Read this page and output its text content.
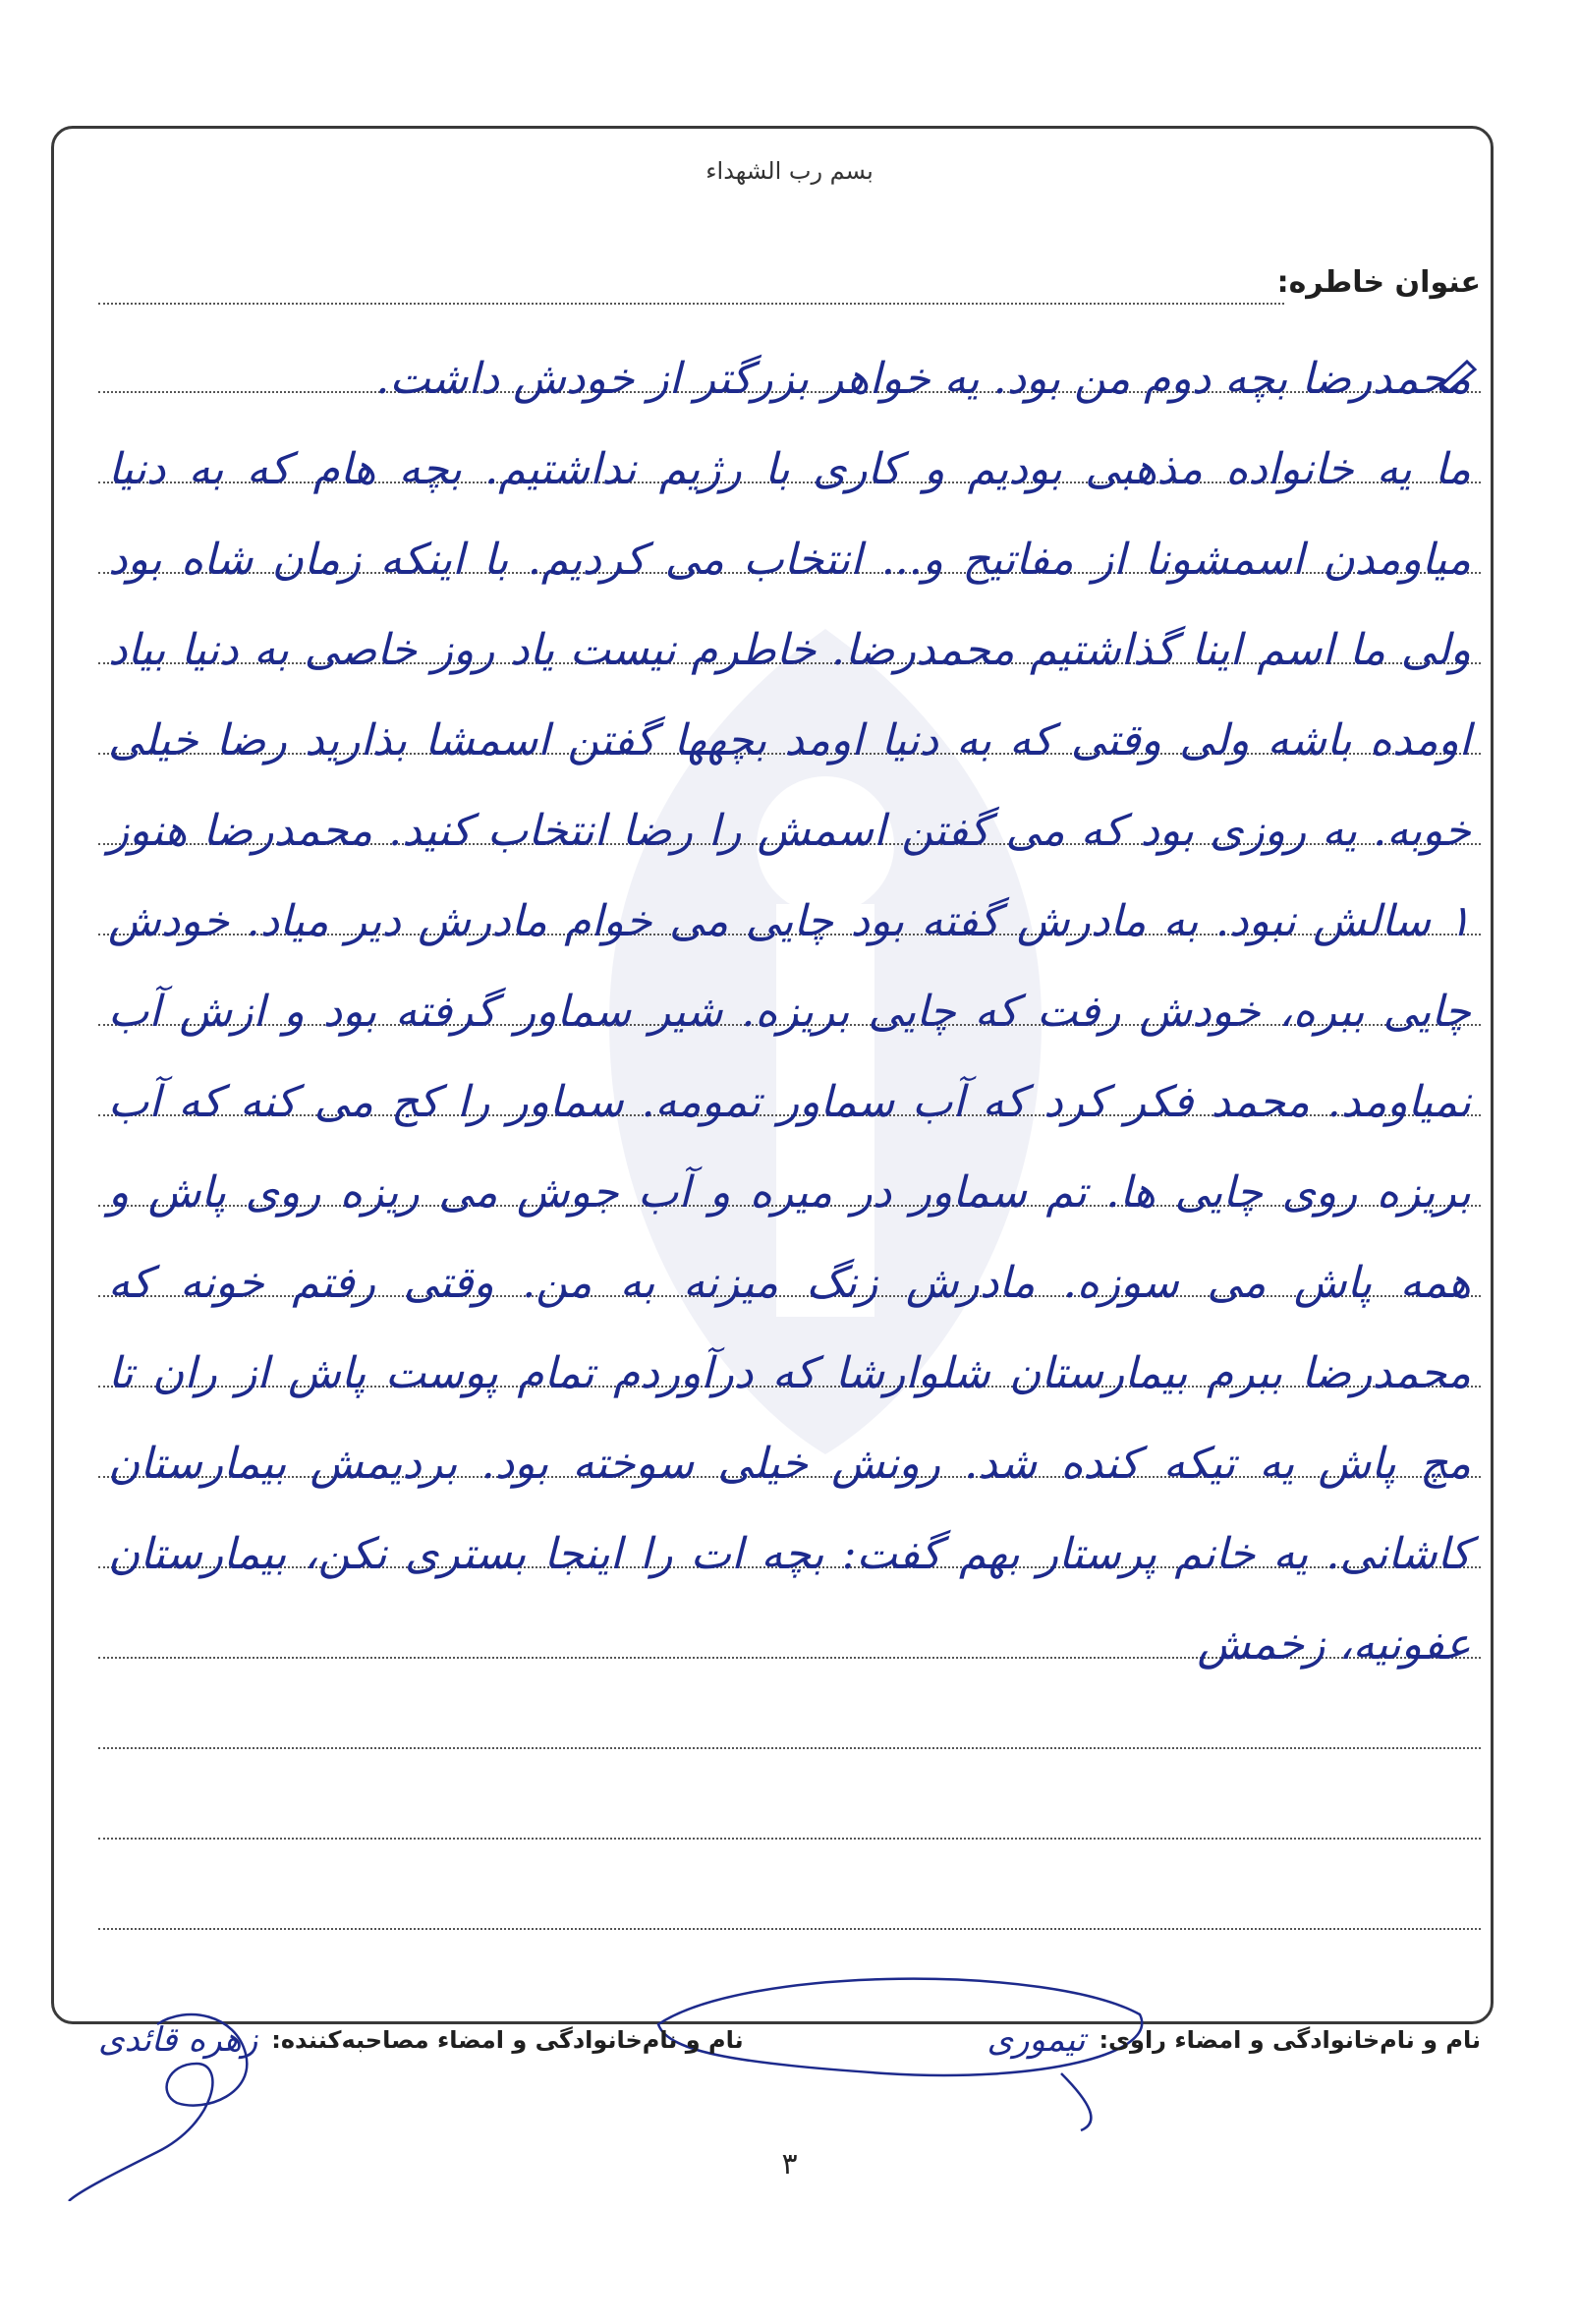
بسم رب الشهداء
عنوان خاطره:

محمدرضا بچه دوم من بود. یه خواهر بزرگتر از خودش داشت.

ما یه خانواده مذهبی بودیم و کاری با رژیم نداشتیم. بچه هام که به دنیا میاومدن اسمشونا از مفاتیح و... انتخاب می کردیم. با اینکه زمان شاه بود ولی ما اسم اینا گذاشتیم محمدرضا. خاطرم نیست یاد روز خاصی به دنیا بیاد اومده باشه ولی وقتی که به دنیا اومد بچهها گفتن اسمشا بذارید رضا خیلی خوبه. یه روزی بود که می گفتن اسمش را رضا انتخاب کنید. محمدرضا هنوز ۱ سالش نبود. به مادرش گفته بود چایی می خوام مادرش دیر میاد. خودش چایی ببره، خودش رفت که چایی بریزه. شیر سماور گرفته بود و ازش آب نمیاومد. محمد فکر کرد که آب سماور تمومه. سماور را کج می کنه که آب بریزه روی چایی ها. تم سماور در میره و آب جوش می ریزه روی پاش و همه پاش می سوزه. مادرش زنگ میزنه به من. وقتی رفتم خونه که محمدرضا ببرم بیمارستان شلوارشا که درآوردم تمام پوست پاش از ران تا مچ پاش یه تیکه کنده شد. رونش خیلی سوخته بود. بردیمش بیمارستان کاشانی. یه خانم پرستار بهم گفت: بچه ات را اینجا بستری نکن، بیمارستان عفونیه، زخمش

نام و نام‌خانوادگی و امضاء راوی:
تیموری
نام و نام‌خانوادگی و امضاء مصاحبه‌کننده:
زهره قائدی
۳
